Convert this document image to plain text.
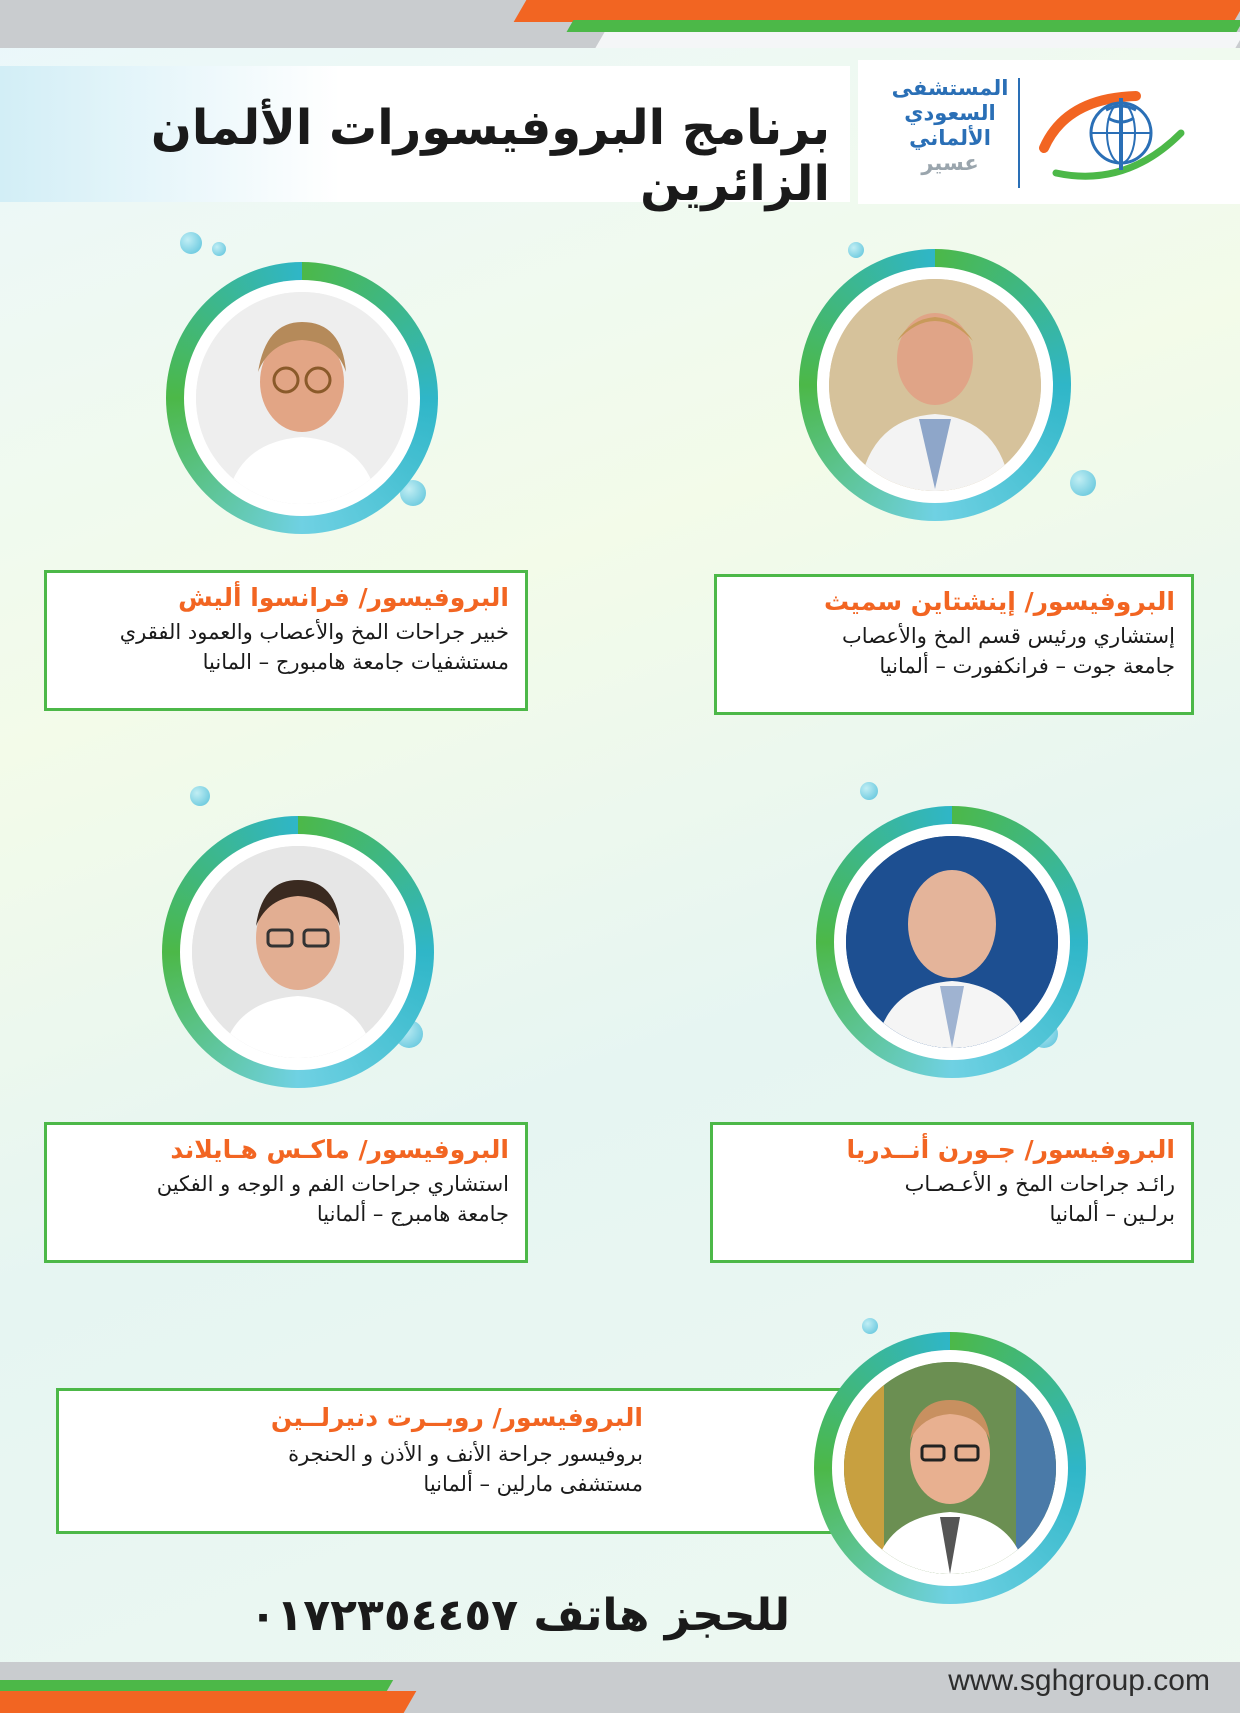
برنامج البروفيسورات الألمان الزائرين
المستشفى
السعودي
الألماني
عسير

البروفيسور/ إينشتاين سميث

إستشاري ورئيس قسم المخ والأعصاب

جامعة جوت – فرانكفورت – ألمانيا

البروفيسور/ فرانسوا أليش

خبير جراحات المخ والأعصاب والعمود الفقري

مستشفيات جامعة هامبورج – المانيا

البروفيسور/ جـورن أنــدريا

رائـد جراحات المخ و الأعـصـاب

برلـين – ألمانيا

البروفيسور/ ماكـس هـايلاند

استشاري جراحات الفم و الوجه و الفكين

جامعة هامبرج – ألمانيا

البروفيسور/ روبــرت دنيرلــين

بروفيسور جراحة الأنف و الأذن و الحنجرة

مستشفى مارلين – ألمانيا

للحجز هاتف ٠١٧٢٣٥٤٤٥٧
www.sghgroup.com
